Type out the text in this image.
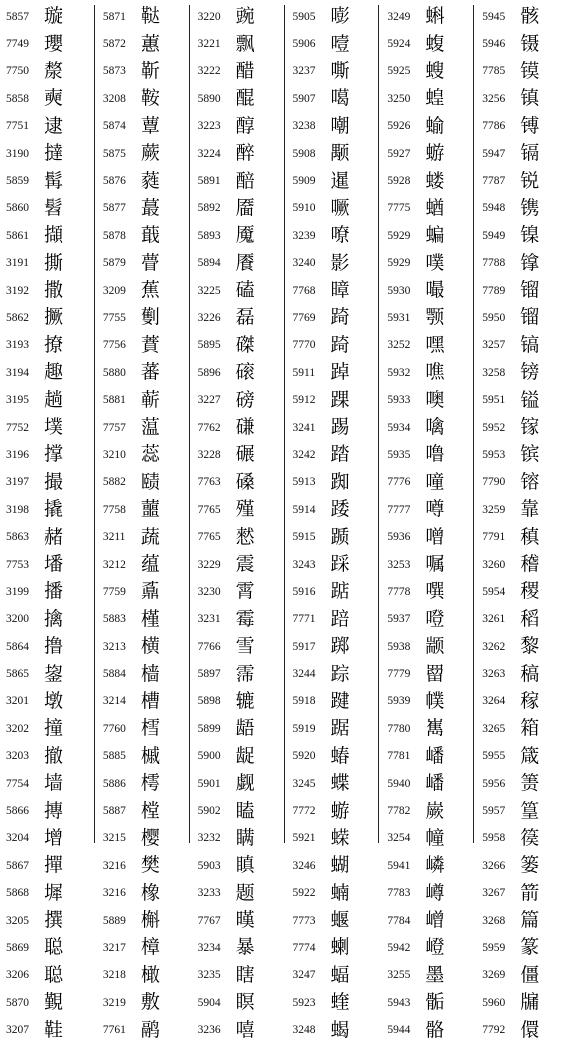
5857 璇
7749 瓔
7750 漦
5858 奭
7751 逮
3190 撻
5859 髯
5860 髫
5861 擷
3191 撕
3192 撒
5862 撅
3193 撩
3194 趣
3195 趟
7752 墣
3196 撑
3197 撮
3198 撬
5863 赭
7753 墦
3199 播
3200 擒
5864 撸
5865 鋆
3201 墩
3202 撞
3203 撤
7754 墙
5866 摶
3204 增
5867 撣
5868 墀
3205 撰
5869 聪
3206 聪
5870 覲
3207 鞋
5871 鞑
5872 蕙
5873 靳
3208 鞍
5874 蕈
5875 蕨
5876 蕤
5877 蕞
5878 蕺
5879 瞢
3209 蕉
7755 劐
7756 蕡
5880 蕃
5881 蕲
7757 蕰
3210 蕊
5882 赜
7758 蘁
3211 蔬
3212 蕴
7759 鼒
5883 槿
3213 横
5884 樯
3214 槽
7760 樰
5885 槭
5886 樗
5887 樘
3215 樱
3216 樊
3216 橡
5889 槲
3217 樟
3218 橄
3219 敷
7761 鹝
3220 豌
3221 飘
3222 醋
5890 醌
3223 醇
3224 醉
5891 醅
5892 靥
5893 魇
5894 餍
3225 磕
3226 磊
5895 磔
5896 磙
3227 磅
7762 磏
3228 碾
7763 磉
7765 殣
7765 憖
3229 震
3230 霄
3231 霉
7766 雪
5897 霈
5898 辘
5899 龉
5900 龊
5901 觑
5902 瞌
3232 瞒
5903 瞋
3233 题
7767 暵
3234 暴
3235 瞎
5904 瞑
3236 嘻
5905 嘭
5906 噎
3237 嘶
5907 噶
3238 嘲
5908 颙
5909 暹
5910 噘
3239 嘹
3240 影
7768 暲
7769 踦
7770 踦
5911 踔
5912 踝
3241 踢
3242 踏
5913 踟
5914 踒
5915 踬
3243 踩
5916 踮
7771 踣
5917 踯
3244 踪
5918 踺
5919 踞
5920 蝽
3245 蝶
7772 蝣
5921 蝾
3246 蝴
5922 蝻
7773 蝘
7774 蝲
3247 蝠
5923 蝰
3248 蝎
3249 蝌
5924 蝮
5925 螋
3250 蝗
5926 蝓
5927 蝣
5928 蝼
7775 蝤
5929 蝙
5929 噗
5930 嘬
5931 颚
3252 嘿
5932 噍
5933 噢
5934 噙
5935 噜
7776 噇
7777 噂
5936 噌
3253 嘱
7778 噀
5937 噔
5938 颛
7779 罶
5939 幞
7780 嶲
7781 嶓
5940 嶓
7782 嶡
3254 幢
5941 嶙
7783 嶟
7784 嶒
5942 嶝
3255 墨
5943 骺
5944 骼
5945 骸
5946 镊
7785 镆
3256 镇
7786 镈
5947 镉
7787 锐
5948 镌
5949 镍
7788 镎
7789 镏
5950 镏
3257 镐
3258 镑
5951 镒
5952 镓
5953 镔
7790 镕
3259 靠
7791 稹
3260 稽
5954 稷
3261 稻
3262 黎
3263 稿
3264 稼
3265 箱
5955 箴
5956 箦
5957 篁
5958 篌
3266 篓
3267 箭
3268 篇
5959 篆
3269 僵
5960 牖
7792 儇
